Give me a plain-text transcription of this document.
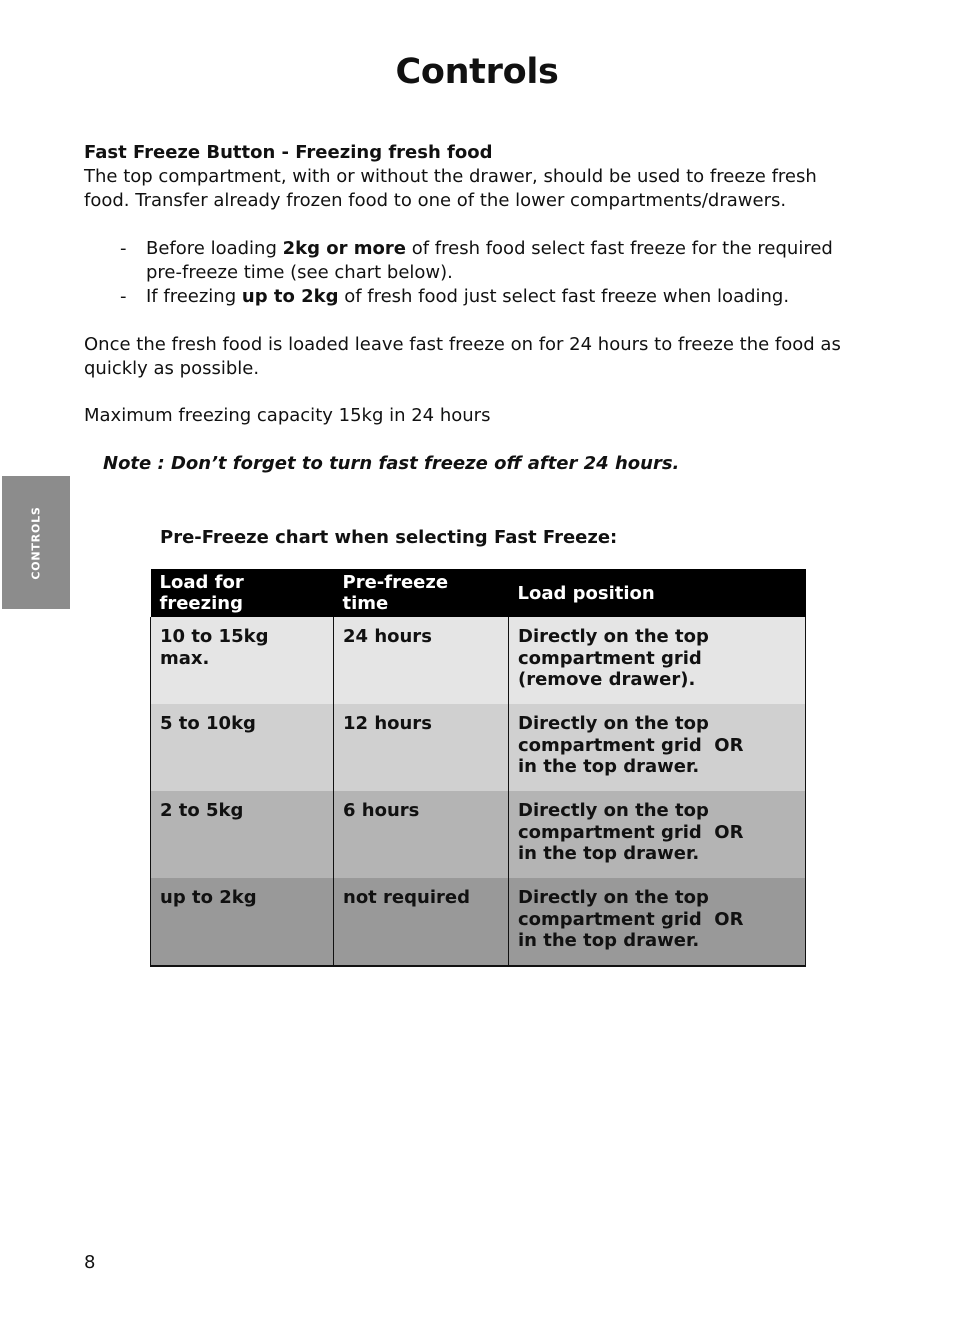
Controls
CONTROLS
Fast Freeze Button - Freezing fresh food
The top compartment, with or without the drawer, should be used to freeze fresh food. Transfer already frozen food to one of the lower compartments/drawers.
- Before loading 2kg or more of fresh food select fast freeze for the required pre-freeze time (see chart below).
- If freezing up to 2kg of fresh food just select fast freeze when loading.

Once the fresh food is loaded leave fast freeze on for 24 hours to freeze the food as quickly as possible.

Maximum freezing capacity 15kg in 24 hours

Note : Don’t forget to turn fast freeze off after 24 hours.
Pre-Freeze chart when selecting Fast Freeze:
Load for freezing	Pre-freeze time	Load position
10 to 15kg max.	24 hours	Directly on the top
compartment grid
(remove drawer).

5 to 10kg	12 hours	Directly on the top
compartment grid  OR
in the top drawer.

2 to 5kg	6 hours	Directly on the top
compartment grid  OR
in the top drawer.

up to 2kg	not required	Directly on the top
compartment grid  OR
in the top drawer.
8
